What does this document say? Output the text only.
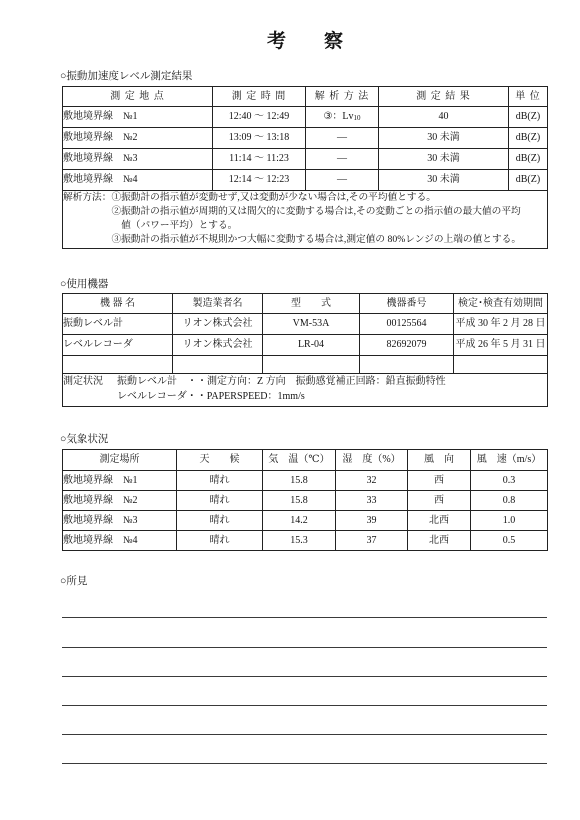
考　　察
○振動加速度レベル測定結果
測 定 地 点	測 定 時 間	解 析 方 法	測 定 結 果	単 位
敷地境界線　№1	12:40 ～ 12:49	③：$Lv_{10}$	40	dB(Z)
敷地境界線　№2	13:09 ～ 13:18	―	30 未満	dB(Z)
敷地境界線　№3	11:14 ～ 11:23	―	30 未満	dB(Z)
敷地境界線　№4	12:14 ～ 12:23	―	30 未満	dB(Z)

解析方法： ①振動計の指示値が変動せず,又は変動が少ない場合は,その平均値とする。
②振動計の指示値が周期的又は間欠的に変動する場合は,その変動ごとの指示値の最大値の平均
値（パワー平均）とする。
③振動計の指示値が不規則かつ大幅に変動する場合は,測定値の 80%レンジの上端の値とする。				
○使用機器
機 器 名	製造業者名	型　　式	機器番号	検定･検査有効期間
振動レベル計	リオン株式会社	VM-53A	00125564	平成 30 年 2 月 28 日
レベルレコーダ	リオン株式会社	LR-04	82692079	平成 26 年 5 月 31 日

測定状況 振動レベル計　・・測定方向：Z 方向　振動感覚補正回路：鉛直振動特性
レベルレコーダ・・PAPERSPEED：1mm/s				
○気象状況
測定場所	天　　候	気　温（℃）	湿　度（%）	風　向	風　速（m/s）
敷地境界線　№1	晴れ	15.8	32	西	0.3
敷地境界線　№2	晴れ	15.8	33	西	0.8
敷地境界線　№3	晴れ	14.2	39	北西	1.0
敷地境界線　№4	晴れ	15.3	37	北西	0.5
○所見
